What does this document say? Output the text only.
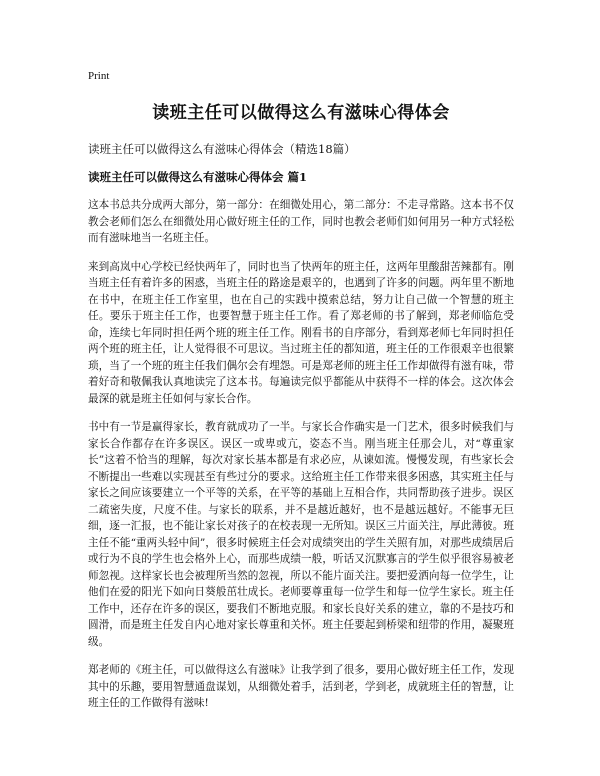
Print
读班主任可以做得这么有滋味心得体会
读班主任可以做得这么有滋味心得体会（精选18篇）
读班主任可以做得这么有滋味心得体会 篇1

这本书总共分成两大部分，第一部分：在细微处用心，第二部分：不走寻常路。这本书不仅教会老师们怎么在细微处用心做好班主任的工作，同时也教会老师们如何用另一种方式轻松而有滋味地当一名班主任。

来到高岚中心学校已经快两年了，同时也当了快两年的班主任，这两年里酸甜苦辣都有。刚当班主任有着许多的困惑，当班主任的路途是艰辛的，也遇到了许多的问题。两年里不断地在书中，在班主任工作室里，也在自己的实践中摸索总结，努力让自己做一个智慧的班主任。要乐于班主任工作，也要智慧于班主任工作。看了郑老师的书了解到，郑老师临危受命，连续七年同时担任两个班的班主任工作。刚看书的自序部分，看到郑老师七年同时担任两个班的班主任，让人觉得很不可思议。当过班主任的都知道，班主任的工作很艰辛也很繁琐，当了一个班的班主任我们偶尔会有埋怨。可是郑老师的班主任工作却做得有滋有味，带着好奇和敬佩我认真地读完了这本书。每遍读完似乎都能从中获得不一样的体会。这次体会最深的就是班主任如何与家长合作。

书中有一节是赢得家长，教育就成功了一半。与家长合作确实是一门艺术，很多时候我们与家长合作都存在许多误区。误区一或卑或亢，姿态不当。刚当班主任那会儿，对“尊重家长”这着不恰当的理解，每次对家长基本都是有求必应，从谏如流。慢慢发现，有些家长会不断提出一些难以实现甚至有些过分的要求。这给班主任工作带来很多困惑，其实班主任与家长之间应该要建立一个平等的关系，在平等的基础上互相合作，共同帮助孩子进步。误区二疏密失度，尺度不佳。与家长的联系，并不是越近越好，也不是越远越好。不能事无巨细，逐一汇报，也不能让家长对孩子的在校表现一无所知。误区三片面关注，厚此薄彼。班主任不能“重两头轻中间”，很多时候班主任会对成绩突出的学生关照有加，对那些成绩居后或行为不良的学生也会格外上心，而那些成绩一般，听话又沉默寡言的学生似乎很容易被老师忽视。这样家长也会被理所当然的忽视，所以不能片面关注。要把爱洒向每一位学生，让他们在爱的阳光下如向日葵般茁壮成长。老师要尊重每一位学生和每一位学生家长。班主任工作中，还存在许多的误区，要我们不断地克服。和家长良好关系的建立，靠的不是技巧和圆滑，而是班主任发自内心地对家长尊重和关怀。班主任要起到桥梁和纽带的作用，凝聚班级。

郑老师的《班主任，可以做得这么有滋味》让我学到了很多，要用心做好班主任工作，发现其中的乐趣，要用智慧通盘谋划，从细微处着手，活到老，学到老，成就班主任的智慧，让班主任的工作做得有滋味!
